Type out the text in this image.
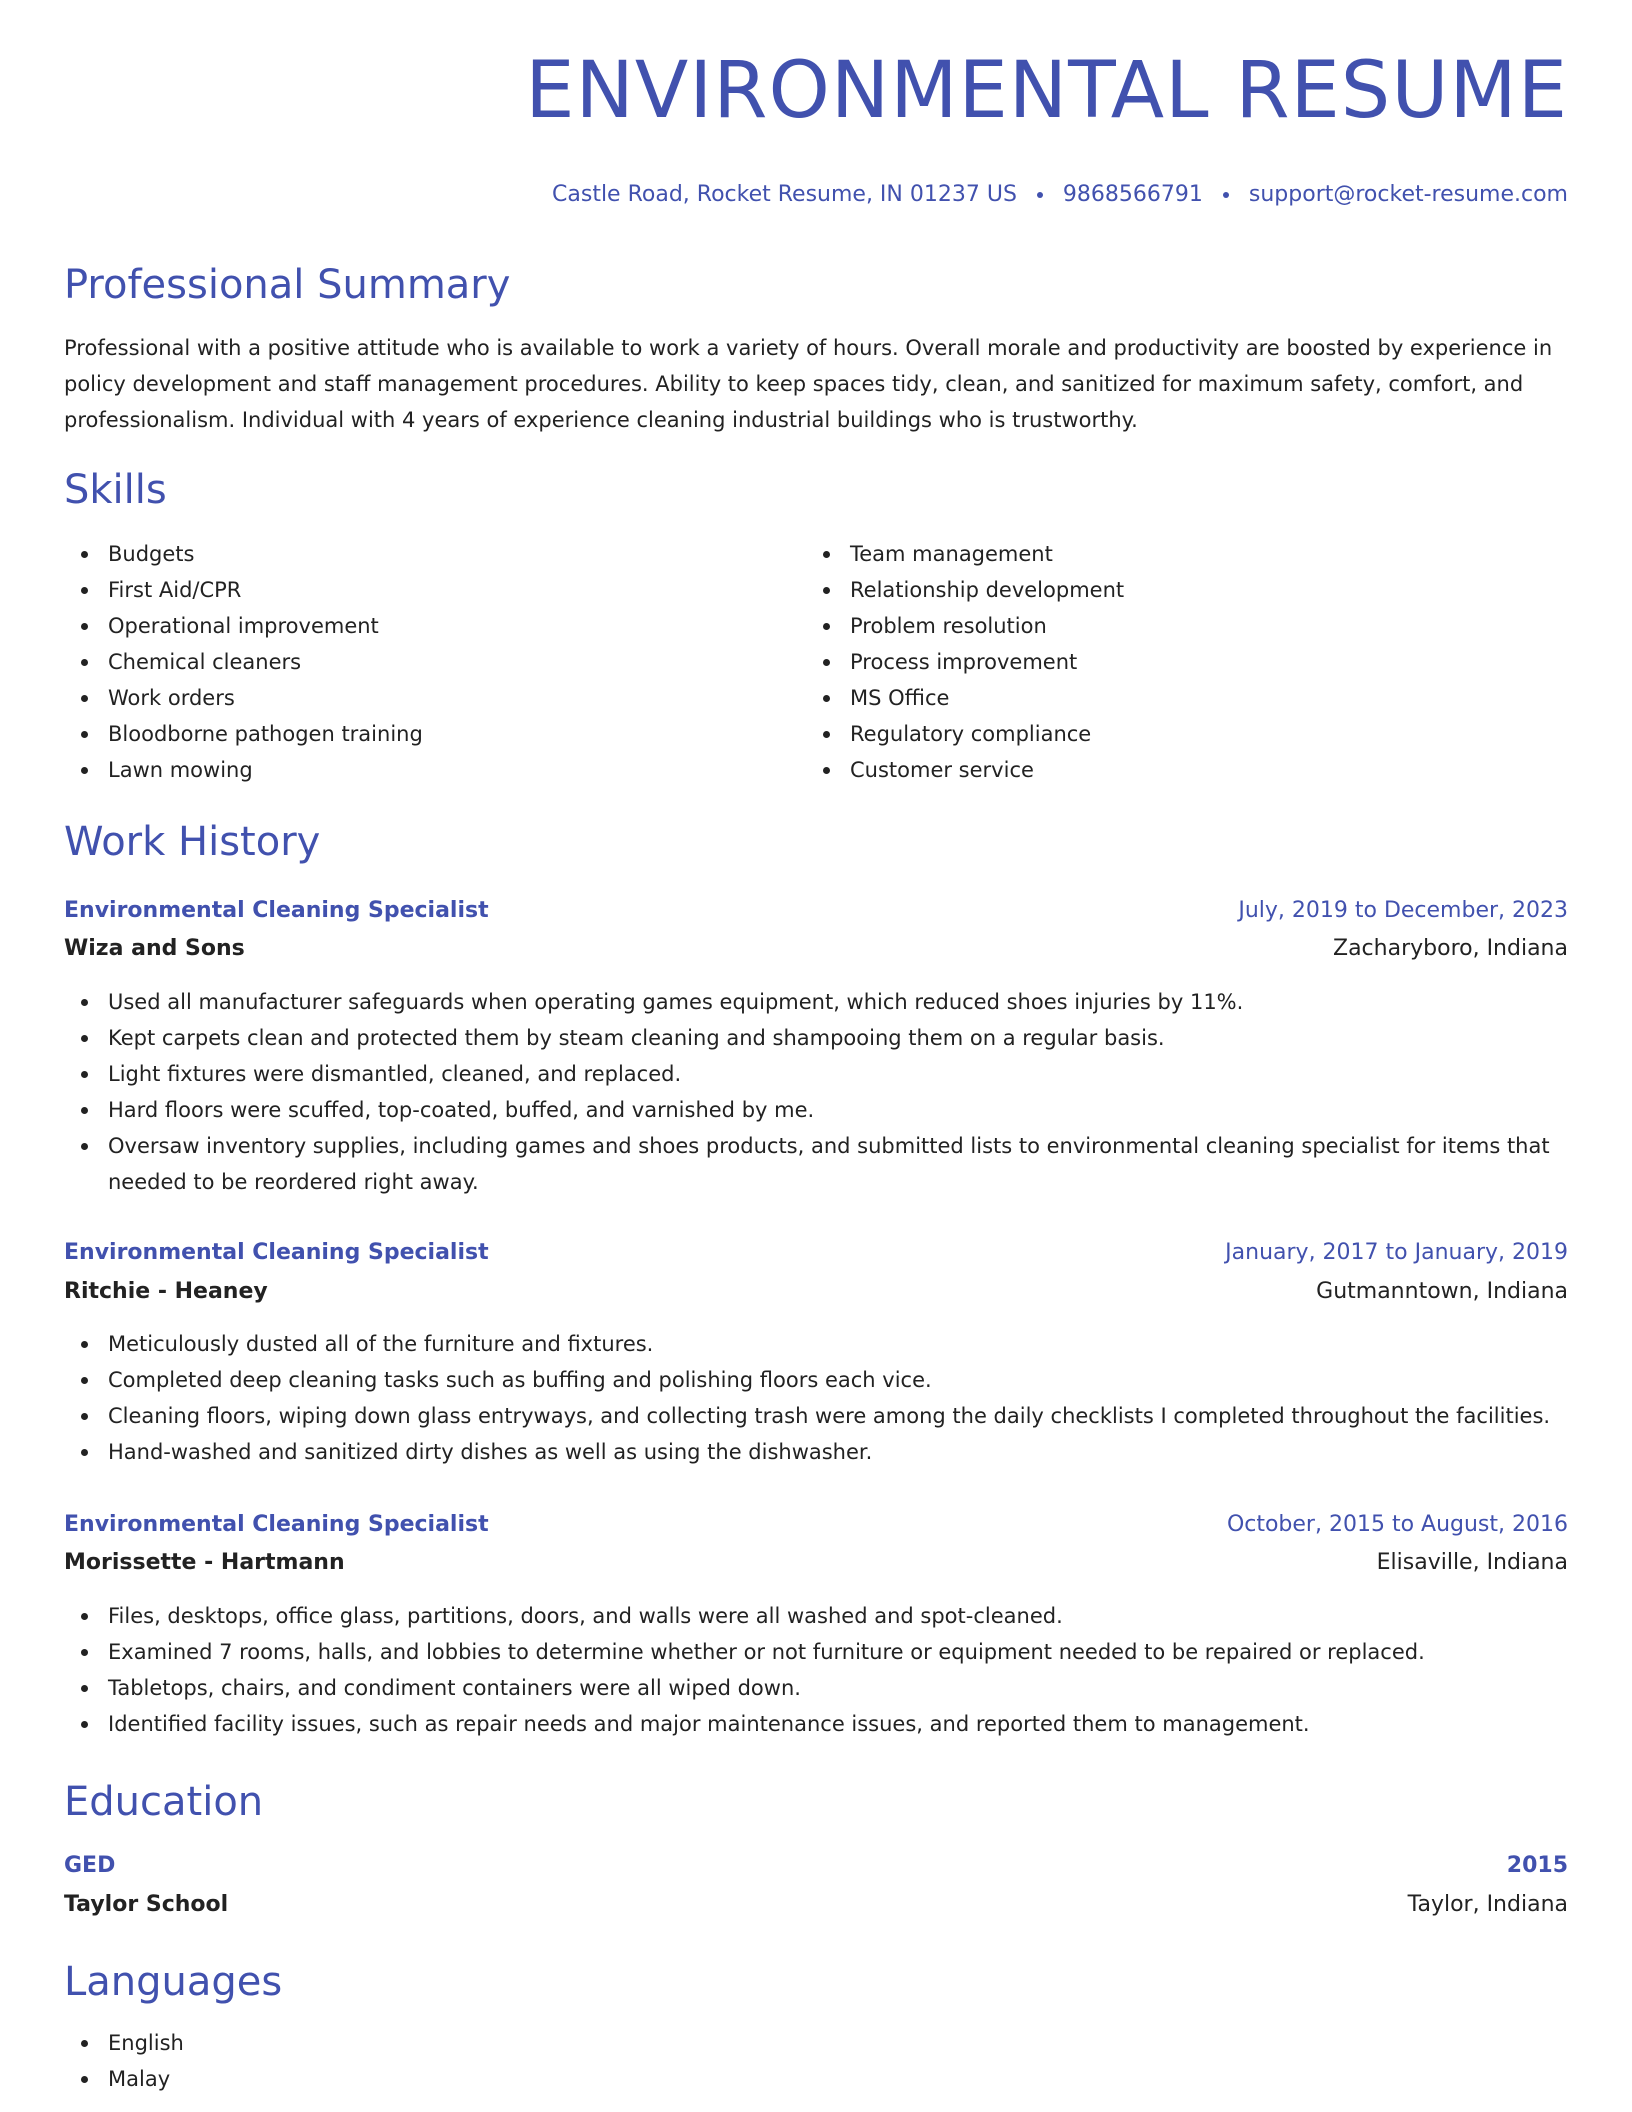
ENVIRONMENTAL RESUME
Castle Road, Rocket Resume, IN 01237 US 9868566791 support@rocket-resume.com
Professional Summary

Professional with a positive attitude who is available to work a variety of hours. Overall morale and productivity are boosted by experience in policy development and staff management procedures. Ability to keep spaces tidy, clean, and sanitized for maximum safety, comfort, and professionalism. Individual with 4 years of experience cleaning industrial buildings who is trustworthy.

Skills
Budgets
First Aid/CPR
Operational improvement
Chemical cleaners
Work orders
Bloodborne pathogen training
Lawn mowing
Team management
Relationship development
Problem resolution
Process improvement
MS Office
Regulatory compliance
Customer service
Work History
Environmental Cleaning Specialist	July, 2019 to December, 2023
Wiza and Sons	Zacharyboro, Indiana
Used all manufacturer safeguards when operating games equipment, which reduced shoes injuries by 11%.
Kept carpets clean and protected them by steam cleaning and shampooing them on a regular basis.
Light fixtures were dismantled, cleaned, and replaced.
Hard floors were scuffed, top-coated, buffed, and varnished by me.
Oversaw inventory supplies, including games and shoes products, and submitted lists to environmental cleaning specialist for items that needed to be reordered right away.
Environmental Cleaning Specialist	January, 2017 to January, 2019
Ritchie - Heaney	Gutmanntown, Indiana
Meticulously dusted all of the furniture and fixtures.
Completed deep cleaning tasks such as buffing and polishing floors each vice.
Cleaning floors, wiping down glass entryways, and collecting trash were among the daily checklists I completed throughout the facilities.
Hand-washed and sanitized dirty dishes as well as using the dishwasher.
Environmental Cleaning Specialist	October, 2015 to August, 2016
Morissette - Hartmann	Elisaville, Indiana
Files, desktops, office glass, partitions, doors, and walls were all washed and spot-cleaned.
Examined 7 rooms, halls, and lobbies to determine whether or not furniture or equipment needed to be repaired or replaced.
Tabletops, chairs, and condiment containers were all wiped down.
Identified facility issues, such as repair needs and major maintenance issues, and reported them to management.
Education
GED	2015
Taylor School	Taylor, Indiana
Languages
English
Malay
